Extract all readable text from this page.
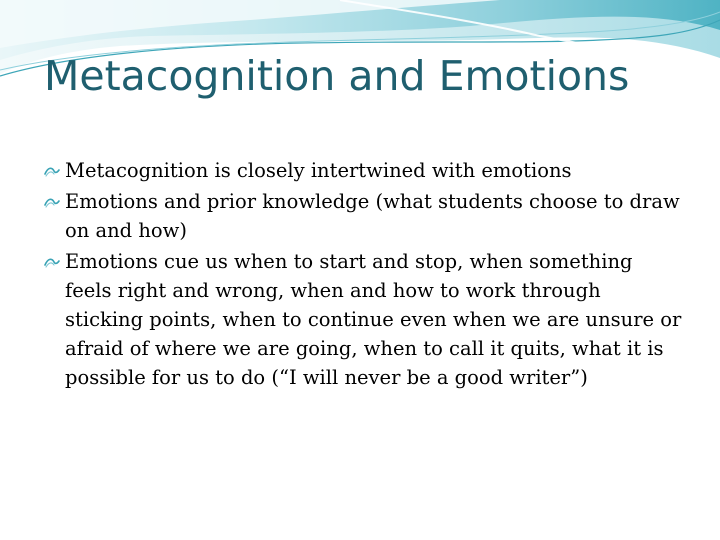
Metacognition and Emotions
Metacognition is closely intertwined with emotions
Emotions and prior knowledge (what students choose to draw on and how)
Emotions cue us when to start and stop, when something feels right and wrong, when and how to work through sticking points, when to continue even when we are unsure or afraid of where we are going, when to call it quits, what it is possible for us to do (“I will never be a good writer”)
